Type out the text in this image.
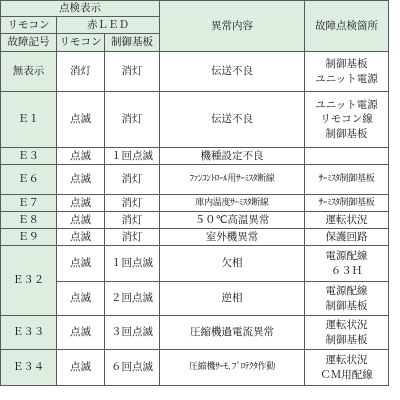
点検表示			異常内容	故障点検箇所
リモコン	赤ＬＥＤ			
故障記号	リモコン	制御基板		
無表示	消灯	消灯	伝送不良	制御基板
ユニット電源

Ｅ１	点滅	消灯	伝送不良	ユニット電源
リモコン線
制御基板

Ｅ３	点滅	１回点滅	機種設定不良	
Ｅ６	点滅	消灯	ﾌｧﾝｺﾝﾄﾛｰﾙ用ｻｰﾐｽﾀ断線	ｻｰﾐｽﾀ制御基板
Ｅ７	点滅	消灯	庫内温度ｻｰﾐｽﾀ断線	ｻｰﾐｽﾀ制御基板
Ｅ８	点滅	消灯	５０℃高温異常	運転状況
Ｅ９	点滅	消灯	室外機異常	保護回路
Ｅ３２	点滅	１回点滅	欠相	電源配線
６３Ｈ

	点滅	２回点滅	逆相	電源配線
制御基板

Ｅ３３	点滅	３回点滅	圧縮機過電流異常	運転状況
制御基板

Ｅ３４	点滅	６回点滅	圧縮機ｻｰﾓ､ﾌﾟﾛﾃｸﾀ作動	運転状況
ＣＭ用配線
